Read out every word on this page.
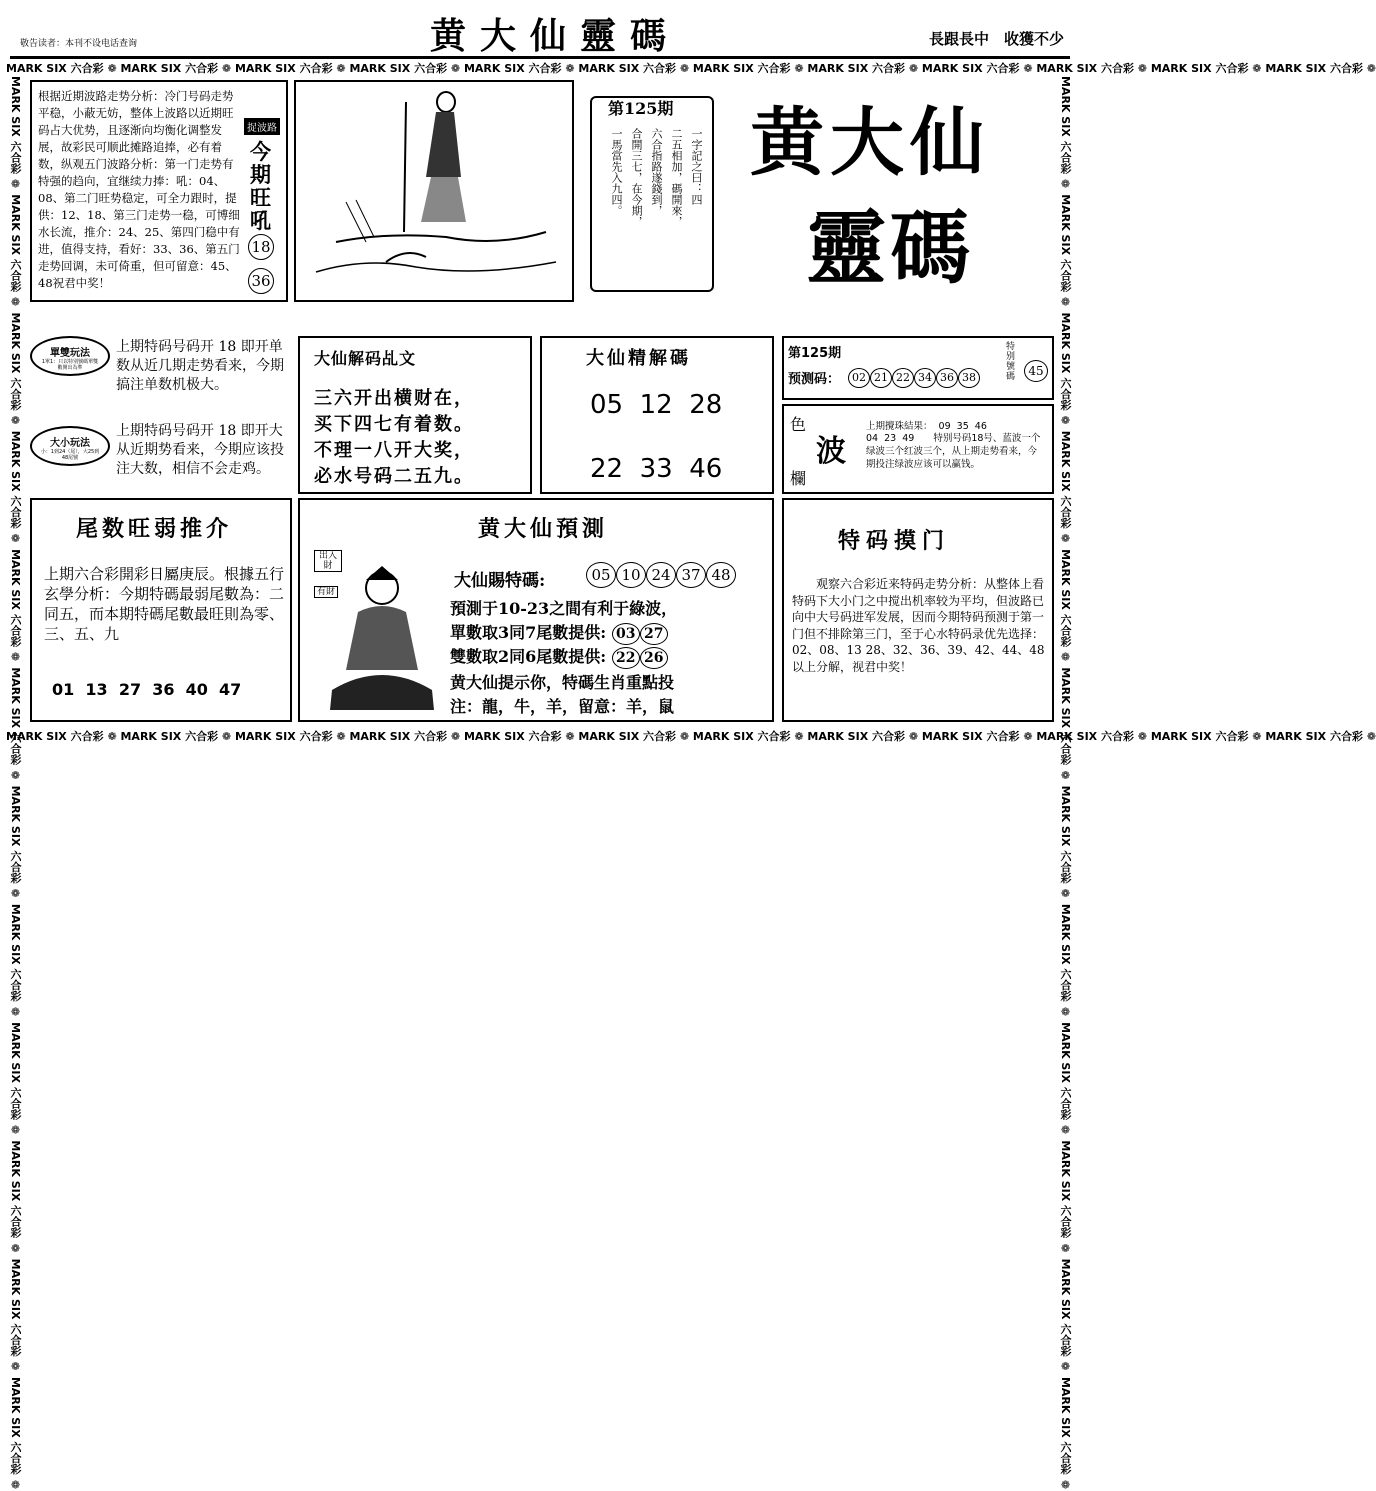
敬告读者：本刊不设电话查询	黄大仙靈碼	長跟長中　收獲不少
MARK SIX 六合彩 ❁ MARK SIX 六合彩 ❁ MARK SIX 六合彩 ❁ MARK SIX 六合彩 ❁ MARK SIX 六合彩 ❁ MARK SIX 六合彩 ❁ MARK SIX 六合彩 ❁ MARK SIX 六合彩 ❁ MARK SIX 六合彩 ❁ MARK SIX 六合彩 ❁ MARK SIX 六合彩 ❁ MARK SIX 六合彩 ❁
MARK SIX 六合彩 ❁ MARK SIX 六合彩 ❁ MARK SIX 六合彩 ❁ MARK SIX 六合彩 ❁ MARK SIX 六合彩 ❁ MARK SIX 六合彩 ❁ MARK SIX 六合彩 ❁ MARK SIX 六合彩 ❁ MARK SIX 六合彩 ❁ MARK SIX 六合彩 ❁ MARK SIX 六合彩 ❁ MARK SIX 六合彩 ❁
MARK SIX 六合彩 ❁ MARK SIX 六合彩 ❁ MARK SIX 六合彩 ❁ MARK SIX 六合彩 ❁ MARK SIX 六合彩 ❁ MARK SIX 六合彩 ❁ MARK SIX 六合彩 ❁ MARK SIX 六合彩 ❁ MARK SIX 六合彩 ❁ MARK SIX 六合彩 ❁ MARK SIX 六合彩 ❁ MARK SIX 六合彩 ❁	MARK SIX 六合彩 ❁ MARK SIX 六合彩 ❁ MARK SIX 六合彩 ❁ MARK SIX 六合彩 ❁ MARK SIX 六合彩 ❁ MARK SIX 六合彩 ❁ MARK SIX 六合彩 ❁ MARK SIX 六合彩 ❁ MARK SIX 六合彩 ❁ MARK SIX 六合彩 ❁ MARK SIX 六合彩 ❁ MARK SIX 六合彩 ❁
根据近期波路走势分析：冷门号码走势平稳，小蔽无妨，整体上波路以近期旺码占大优势，且逐渐向均衡化调整发展，故彩民可顺此摊路追捧，必有着数，纵观五门波路分析：第一门走势有特强的趋向，宜继续力捧：吼：04、08、第二门旺势稳定，可全力跟时，提供：12、18、第三门走势一稳，可博细水长流，推介：24、25、第四门稳中有进，值得支持，看好：33、36、第五门走势回调，未可倚重，但可留意：45、48祝君中奖！
捉波路
今期旺吼
18
36
第125期
一字記之曰：四
二五相加，碼開來，
六合指路遂錢到，
合開三七，在今期，
一馬當先入九四。 黄大仙
靈碼
單雙玩法
1單1：只以特別號碼單雙數開出為準
上期特码号码开 18 即开单数从近几期走势看来，今期搞注单数机极大。
大小玩法
小：1到24（尾），大25到48尾號
上期特码号码开 18 即开大从近期势看来，今期应该投注大数，相信不会走鸡。
大仙解码乩文
三六开出横财在，
买下四七有着数。
不理一八开大奖，
必水号码二五九。
大仙精解碼
05  12  28
22  33  46
第125期
预测码：	02 21 22 34 36 38
特别號碼	45
色
波
欄
上期攪珠結果：  09  35  46
04  23  49　　特别号码18号、蓝波一个绿波三个红波三个，从上期走势看来，今期投注绿波应该可以赢钱。
尾数旺弱推介
上期六合彩開彩日屬庚辰。根據五行玄學分析：今期特碼最弱尾數為：二同五，而本期特碼尾數最旺則為零、三、五、九
01  13  27  36  40  47
黄大仙預測
出入財
有財
大仙賜特碼:	05 10 24 37 48
預測于10-23之間有利于綠波，
單數取3同7尾數提供: 03 27
雙數取2同6尾數提供: 22 26
黄大仙提示你，特碼生肖重點投
注：龍，牛，羊，留意：羊，鼠
特码摸门
观察六合彩近来特码走势分析：从整体上看特码下大小门之中搅出机率较为平均，但波路已向中大号码进军发展，因而今期特码预测于第一门但不排除第三门，至于心水特码录优先选择：02、08、13 28、32、36、39、42、44、48以上分解，视君中奖！
